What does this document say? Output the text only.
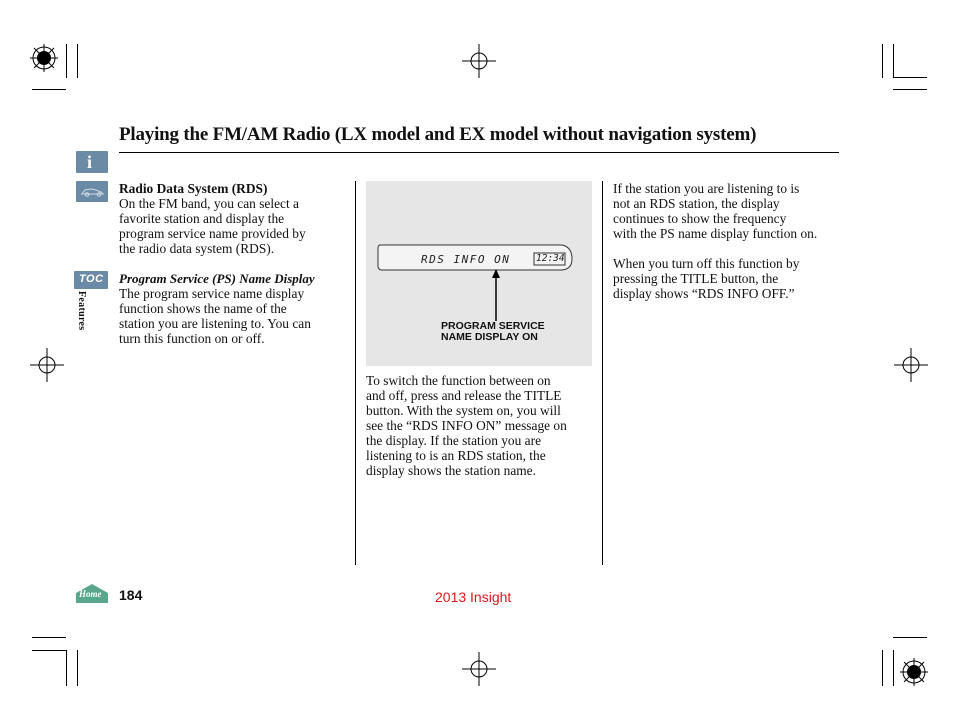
Playing the FM/AM Radio (LX model and EX model without navigation system)
i
TOC
Features
Radio Data System (RDS)
On the FM band, you can select a
favorite station and display the
program service name provided by
the radio data system (RDS).
Program Service (PS) Name Display
The program service name display
function shows the name of the
station you are listening to. You can
turn this function on or off.
RDS INFO ON	12:34
PROGRAM SERVICE
NAME DISPLAY ON
To switch the function between on
and off, press and release the TITLE
button. With the system on, you will
see the “RDS INFO ON” message on
the display. If the station you are
listening to is an RDS station, the
display shows the station name.
If the station you are listening to is
not an RDS station, the display
continues to show the frequency
with the PS name display function on.
When you turn off this function by
pressing the TITLE button, the
display shows “RDS INFO OFF.”
Home 184	2013 Insight
